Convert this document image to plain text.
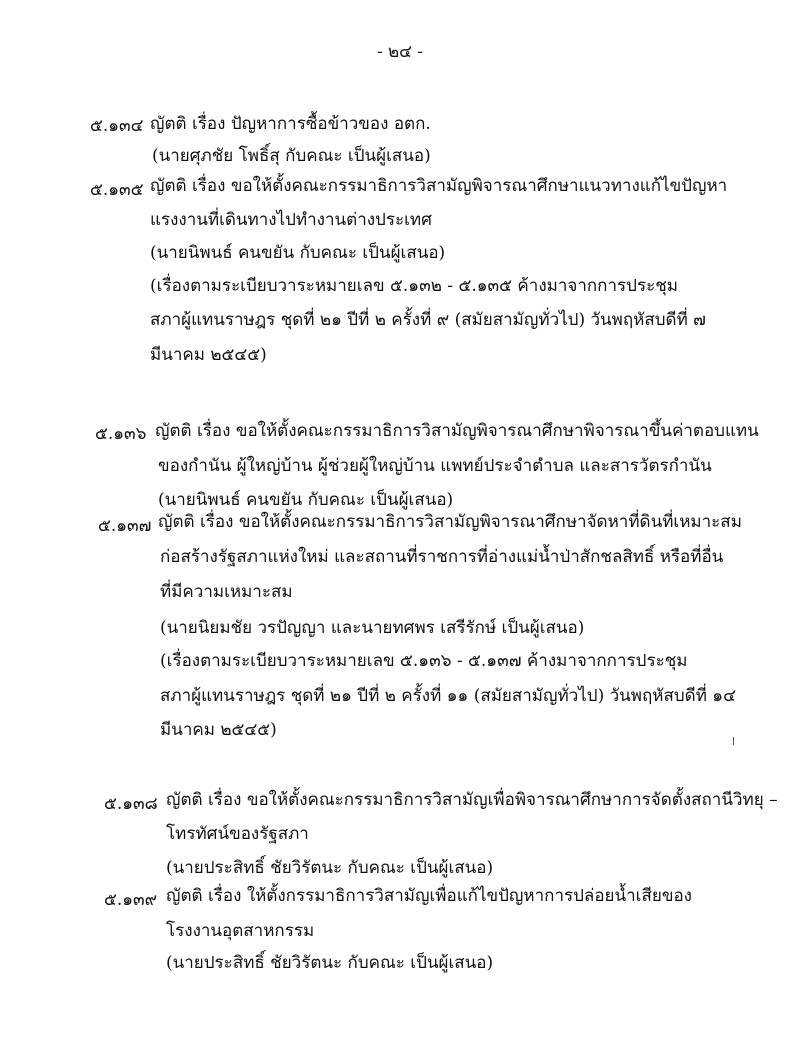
- ๒๔ -
๕.๑๓๔ ญัตติ เรื่อง ปัญหาการซื้อข้าวของ อตก.
(นายศุภชัย โพธิ์สุ กับคณะ เป็นผู้เสนอ)
๕.๑๓๕ ญัตติ เรื่อง ขอให้ตั้งคณะกรรมาธิการวิสามัญพิจารณาศึกษาแนวทางแก้ไขปัญหา
แรงงานที่เดินทางไปทำงานต่างประเทศ
(นายนิพนธ์ คนขยัน กับคณะ เป็นผู้เสนอ)
(เรื่องตามระเบียบวาระหมายเลข ๕.๑๓๒ - ๕.๑๓๕ ค้างมาจากการประชุม
สภาผู้แทนราษฎร ชุดที่ ๒๑ ปีที่ ๒ ครั้งที่ ๙ (สมัยสามัญทั่วไป) วันพฤหัสบดีที่ ๗
มีนาคม ๒๕๔๕)
๕.๑๓๖ ญัตติ เรื่อง ขอให้ตั้งคณะกรรมาธิการวิสามัญพิจารณาศึกษาพิจารณาขึ้นค่าตอบแทน
ของกำนัน ผู้ใหญ่บ้าน ผู้ช่วยผู้ใหญ่บ้าน แพทย์ประจำตำบล และสารวัตรกำนัน
(นายนิพนธ์ คนขยัน กับคณะ เป็นผู้เสนอ)
๕.๑๓๗ ญัตติ เรื่อง ขอให้ตั้งคณะกรรมาธิการวิสามัญพิจารณาศึกษาจัดหาที่ดินที่เหมาะสม
ก่อสร้างรัฐสภาแห่งใหม่ และสถานที่ราชการที่อ่างแม่น้ำป่าสักชลสิทธิ์ หรือที่อื่น
ที่มีความเหมาะสม
(นายนิยมชัย วรปัญญา และนายทศพร เสรีรักษ์ เป็นผู้เสนอ)
(เรื่องตามระเบียบวาระหมายเลข ๕.๑๓๖ - ๕.๑๓๗ ค้างมาจากการประชุม
สภาผู้แทนราษฎร ชุดที่ ๒๑ ปีที่ ๒ ครั้งที่ ๑๑ (สมัยสามัญทั่วไป) วันพฤหัสบดีที่ ๑๔
มีนาคม ๒๕๔๕)
๕.๑๓๘ ญัตติ เรื่อง ขอให้ตั้งคณะกรรมาธิการวิสามัญเพื่อพิจารณาศึกษาการจัดตั้งสถานีวิทยุ –
โทรทัศน์ของรัฐสภา
(นายประสิทธิ์ ชัยวิรัตนะ กับคณะ เป็นผู้เสนอ)
๕.๑๓๙ ญัตติ เรื่อง ให้ตั้งกรรมาธิการวิสามัญเพื่อแก้ไขปัญหาการปล่อยน้ำเสียของ
โรงงานอุตสาหกรรม
(นายประสิทธิ์ ชัยวิรัตนะ กับคณะ เป็นผู้เสนอ)
